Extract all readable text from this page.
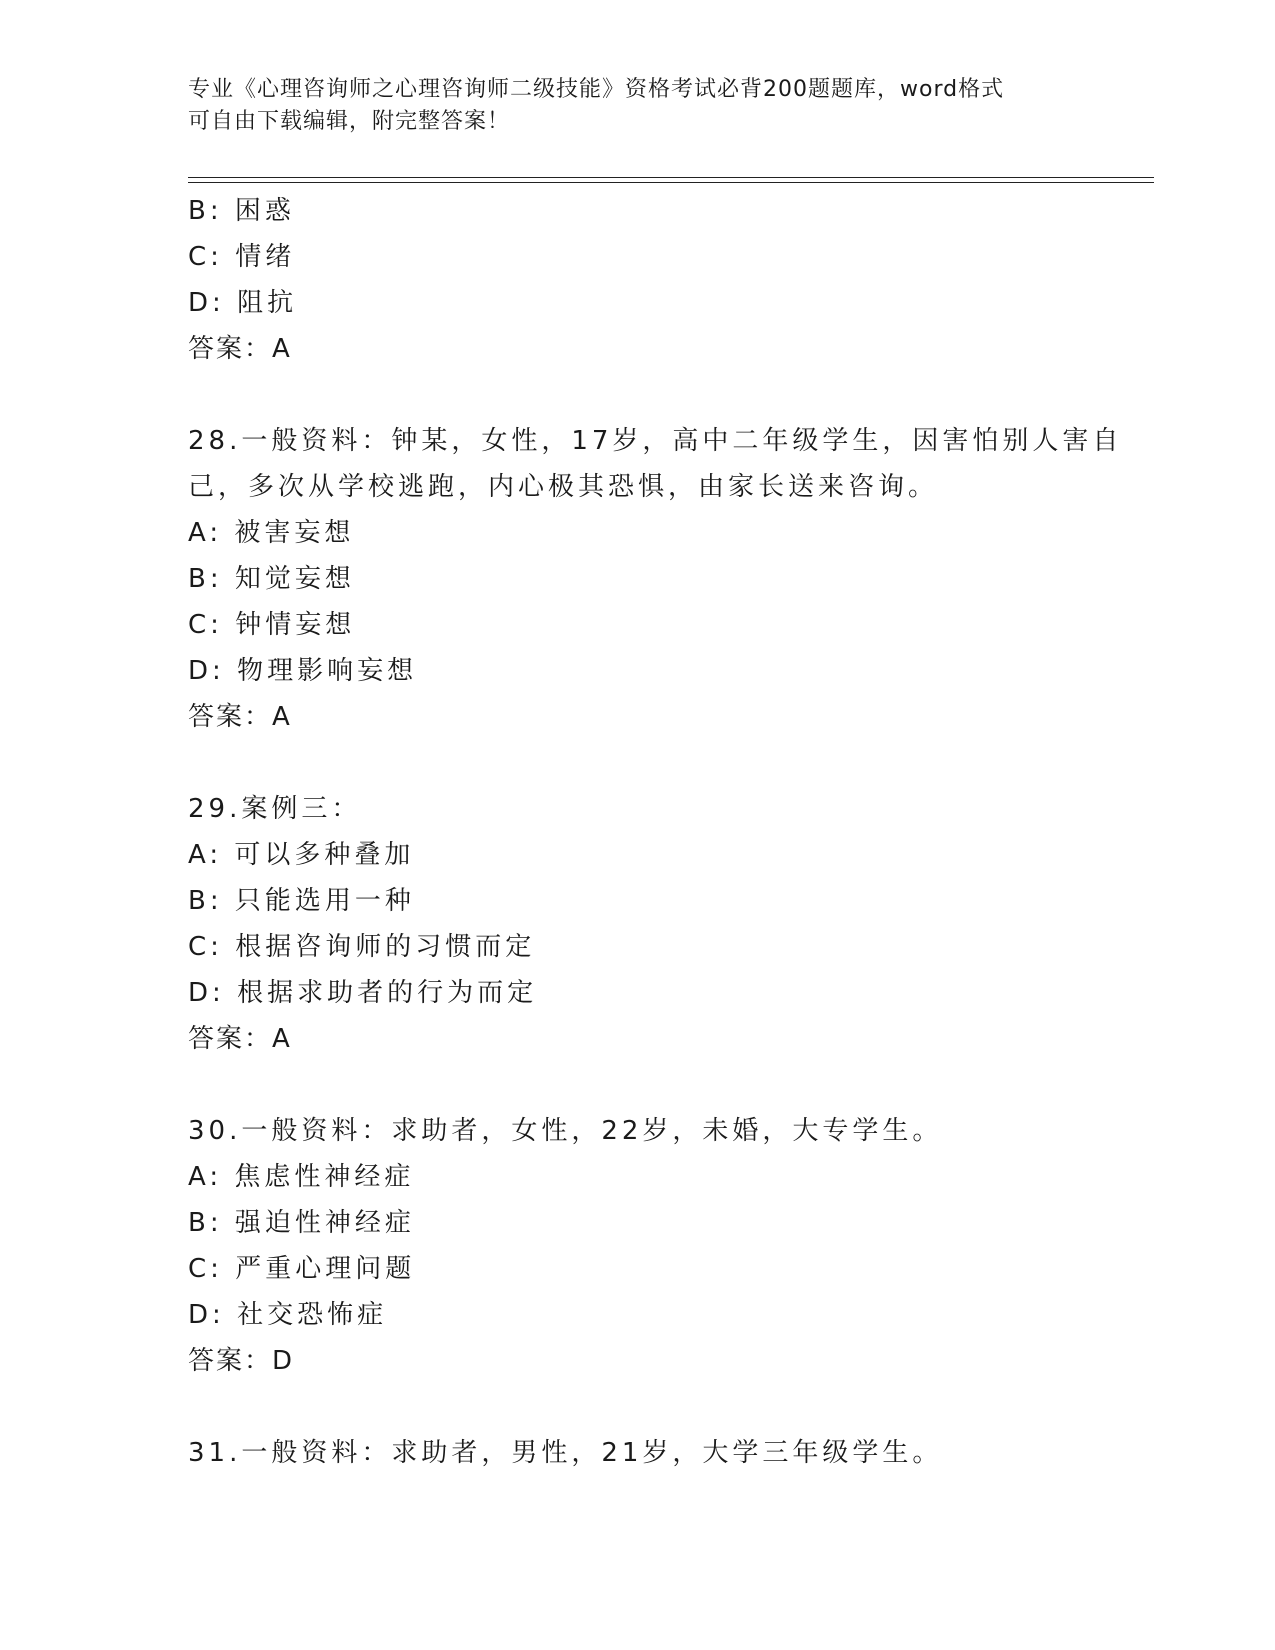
专业《心理咨询师之心理咨询师二级技能》资格考试必背200题题库，word格式
可自由下载编辑，附完整答案！
B: 困惑
C: 情绪
D: 阻抗
答案：A
28.一般资料：钟某，女性，17岁，高中二年级学生，因害怕别人害自
己，多次从学校逃跑，内心极其恐惧，由家长送来咨询。
A: 被害妄想
B: 知觉妄想
C: 钟情妄想
D: 物理影响妄想
答案：A
29.案例三：
A: 可以多种叠加
B: 只能选用一种
C: 根据咨询师的习惯而定
D: 根据求助者的行为而定
答案：A
30.一般资料：求助者，女性，22岁，未婚，大专学生。
A: 焦虑性神经症
B: 强迫性神经症
C: 严重心理问题
D: 社交恐怖症
答案：D
31.一般资料：求助者，男性，21岁，大学三年级学生。
